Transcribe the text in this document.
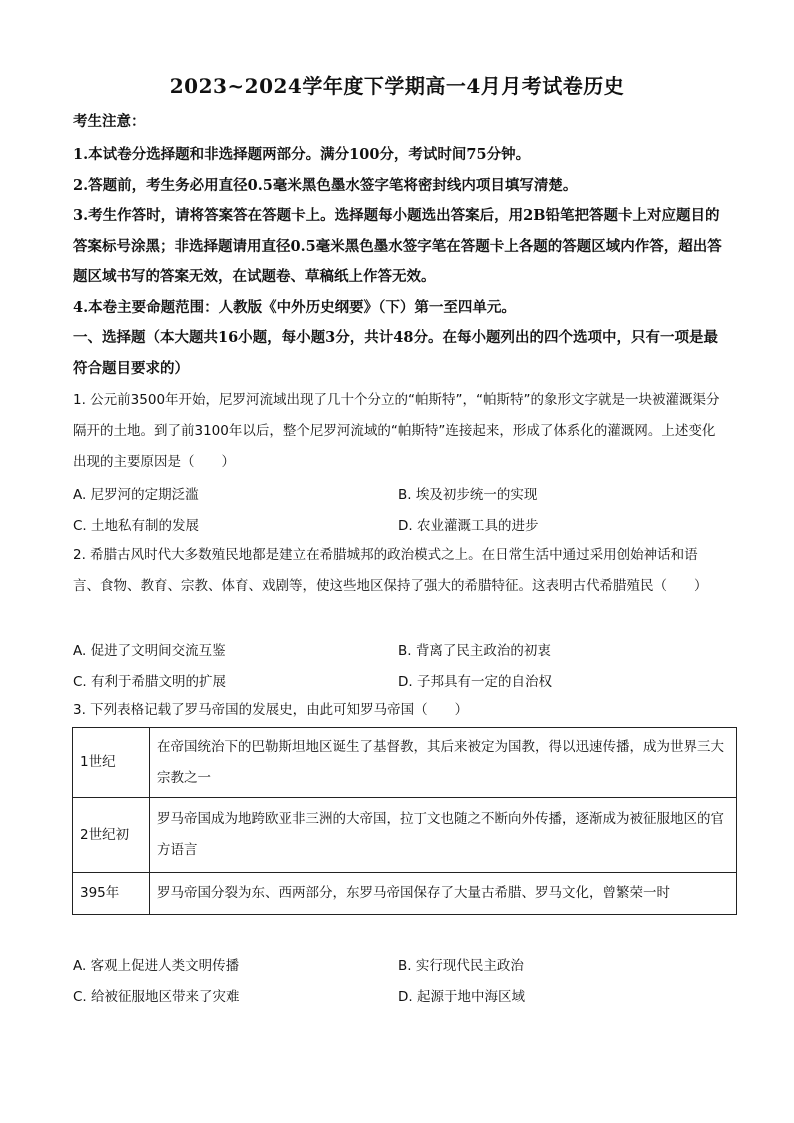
2023~2024学年度下学期高一4月月考试卷历史
考生注意：

1.本试卷分选择题和非选择题两部分。满分100分，考试时间75分钟。

2.答题前，考生务必用直径0.5毫米黑色墨水签字笔将密封线内项目填写清楚。

3.考生作答时，请将答案答在答题卡上。选择题每小题选出答案后，用2B铅笔把答题卡上对应题目的答案标号涂黑；非选择题请用直径0.5毫米黑色墨水签字笔在答题卡上各题的答题区域内作答，超出答题区域书写的答案无效，在试题卷、草稿纸上作答无效。

4.本卷主要命题范围：人教版《中外历史纲要》（下）第一至四单元。

一、选择题（本大题共16小题，每小题3分，共计48分。在每小题列出的四个选项中，只有一项是最符合题目要求的）
1. 公元前3500年开始，尼罗河流域出现了几十个分立的“帕斯特”，“帕斯特”的象形文字就是一块被灌溉渠分隔开的土地。到了前3100年以后，整个尼罗河流域的“帕斯特”连接起来，形成了体系化的灌溉网。上述变化出现的主要原因是（　　）
A. 尼罗河的定期泛滥	B. 埃及初步统一的实现
C. 土地私有制的发展	D. 农业灌溉工具的进步
2. 希腊古风时代大多数殖民地都是建立在希腊城邦的政治模式之上。在日常生活中通过采用创始神话和语言、食物、教育、宗教、体育、戏剧等，使这些地区保持了强大的希腊特征。这表明古代希腊殖民（　　）
A. 促进了文明间交流互鉴	B. 背离了民主政治的初衷
C. 有利于希腊文明的扩展	D. 子邦具有一定的自治权
3. 下列表格记载了罗马帝国的发展史，由此可知罗马帝国（　　）
1世纪	在帝国统治下的巴勒斯坦地区诞生了基督教，其后来被定为国教，得以迅速传播，成为世界三大宗教之一
2世纪初	罗马帝国成为地跨欧亚非三洲的大帝国，拉丁文也随之不断向外传播，逐渐成为被征服地区的官方语言
395年	罗马帝国分裂为东、西两部分，东罗马帝国保存了大量古希腊、罗马文化，曾繁荣一时
A. 客观上促进人类文明传播	B. 实行现代民主政治
C. 给被征服地区带来了灾难	D. 起源于地中海区域
